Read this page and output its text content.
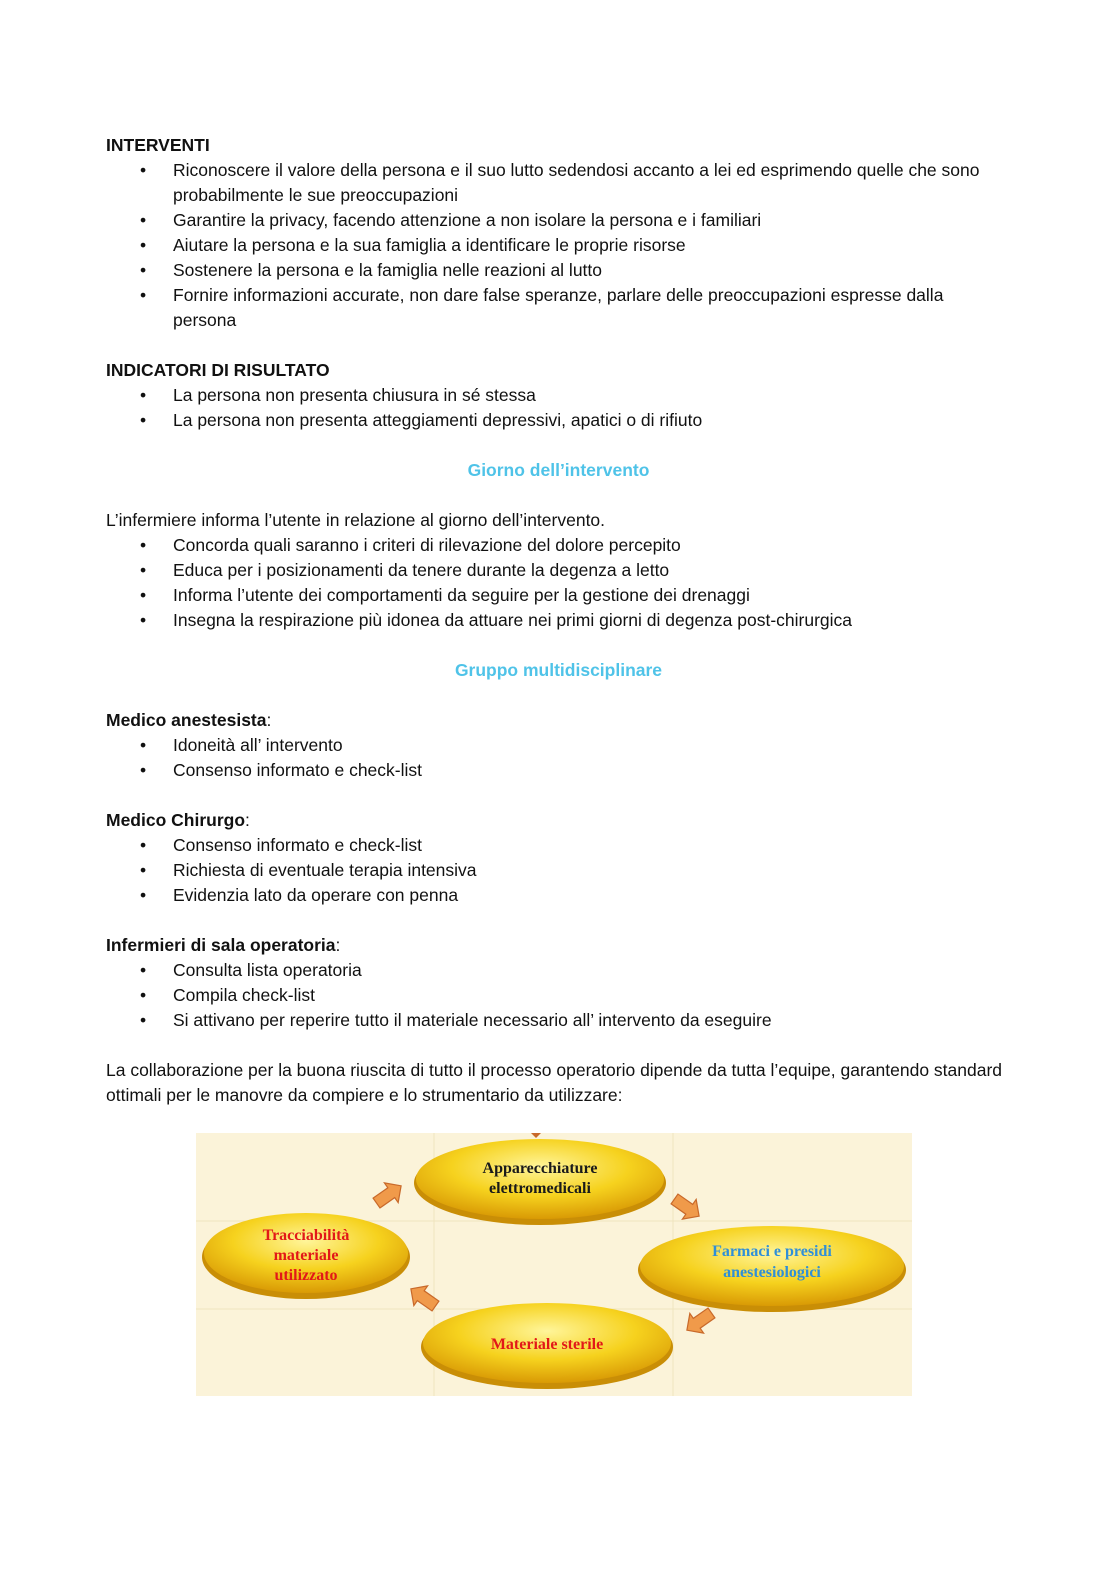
INTERVENTI
• Riconoscere il valore della persona e il suo lutto sedendosi accanto a lei ed esprimendo quelle che sono probabilmente le sue preoccupazioni
• Garantire la privacy, facendo attenzione a non isolare la persona e i familiari
• Aiutare la persona e la sua famiglia a identificare le proprie risorse
• Sostenere la persona e la famiglia nelle reazioni al lutto
• Fornire informazioni accurate, non dare false speranze, parlare delle preoccupazioni espresse dalla persona
INDICATORI DI RISULTATO
• La persona non presenta chiusura in sé stessa
• La persona non presenta atteggiamenti depressivi, apatici o di rifiuto
Giorno dell’intervento
L’infermiere informa l’utente in relazione al giorno dell’intervento.
• Concorda quali saranno i criteri di rilevazione del dolore percepito
• Educa per i posizionamenti da tenere durante la degenza a letto
• Informa l’utente dei comportamenti da seguire per la gestione dei drenaggi
• Insegna la respirazione più idonea da attuare nei primi giorni di degenza post-chirurgica
Gruppo multidisciplinare
Medico anestesista:
• Idoneità all’ intervento
• Consenso informato e check-list
Medico Chirurgo:
• Consenso informato e check-list
• Richiesta di eventuale terapia intensiva
• Evidenzia lato da operare con penna
Infermieri di sala operatoria:
• Consulta lista operatoria
• Compila check-list
• Si attivano per reperire tutto il materiale necessario all’ intervento da eseguire
La collaborazione per la buona riuscita di tutto il processo operatorio dipende da tutta l’equipe, garantendo standard ottimali per le manovre da compiere e lo strumentario da utilizzare:
Apparecchiature
elettromedicali
Farmaci e presidi
anestesiologici
Materiale sterile
Tracciabilità
materiale
utilizzato
